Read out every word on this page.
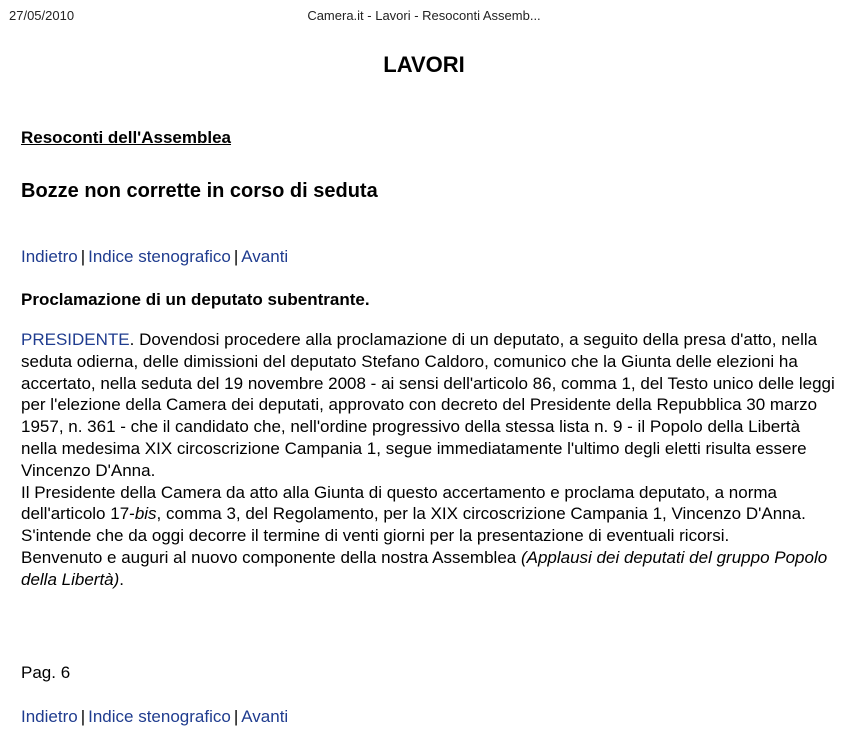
27/05/2010	Camera.it - Lavori - Resoconti Assemb...
LAVORI
Resoconti dell'Assemblea
Bozze non corrette in corso di seduta
Indietro | Indice stenografico | Avanti
Proclamazione di un deputato subentrante.

PRESIDENTE. Dovendosi procedere alla proclamazione di un deputato, a seguito della presa d'atto, nella seduta odierna, delle dimissioni del deputato Stefano Caldoro, comunico che la Giunta delle elezioni ha accertato, nella seduta del 19 novembre 2008 - ai sensi dell'articolo 86, comma 1, del Testo unico delle leggi per l'elezione della Camera dei deputati, approvato con decreto del Presidente della Repubblica 30 marzo 1957, n. 361 - che il candidato che, nell'ordine progressivo della stessa lista n. 9 - il Popolo della Libertà nella medesima XIX circoscrizione Campania 1, segue immediatamente l'ultimo degli eletti risulta essere Vincenzo D'Anna.

Il Presidente della Camera da atto alla Giunta di questo accertamento e proclama deputato, a norma dell'articolo 17-bis, comma 3, del Regolamento, per la XIX circoscrizione Campania 1, Vincenzo D'Anna.

S'intende che da oggi decorre il termine di venti giorni per la presentazione di eventuali ricorsi.

Benvenuto e auguri al nuovo componente della nostra Assemblea (Applausi dei deputati del gruppo Popolo della Libertà).

Pag. 6
Indietro | Indice stenografico | Avanti
